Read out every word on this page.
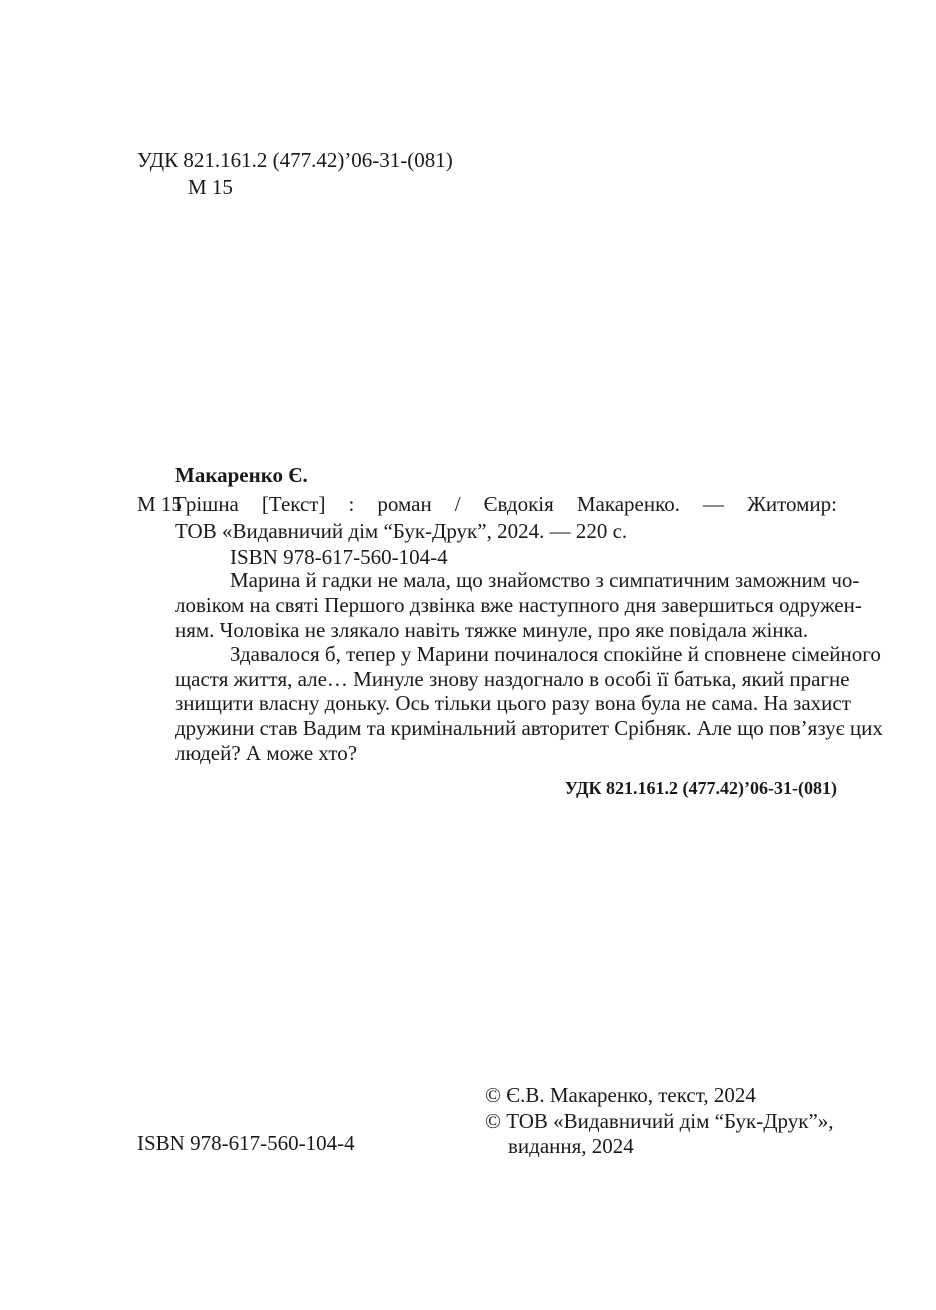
УДК 821.161.2 (477.42)’06-31-(081)
М 15
Макаренко Є.
М 15
Грішна [Текст] : роман / Євдокія Макаренко. — Житомир:
ТОВ «Видавничий дім “Бук-Друк”, 2024. — 220 с.
ISBN 978-617-560-104-4
Марина й гадки не мала, що знайомство з симпатичним заможним чо-
ловіком на святі Першого дзвінка вже наступного дня завершиться одружен-
ням. Чоловіка не злякало навіть тяжке минуле, про яке повідала жінка.
Здавалося б, тепер у Марини починалося спокійне й сповнене сімейного
щастя життя, але… Минуле знову наздогнало в особі її батька, який прагне
знищити власну доньку. Ось тільки цього разу вона була не сама. На захист
дружини став Вадим та кримінальний авторитет Срібняк. Але що пов’язує цих
людей? А може хто?
УДК 821.161.2 (477.42)’06-31-(081)
ISBN 978-617-560-104-4
© Є.В. Макаренко, текст, 2024
© ТОВ «Видавничий дім “Бук-Друк”»,
видання, 2024
